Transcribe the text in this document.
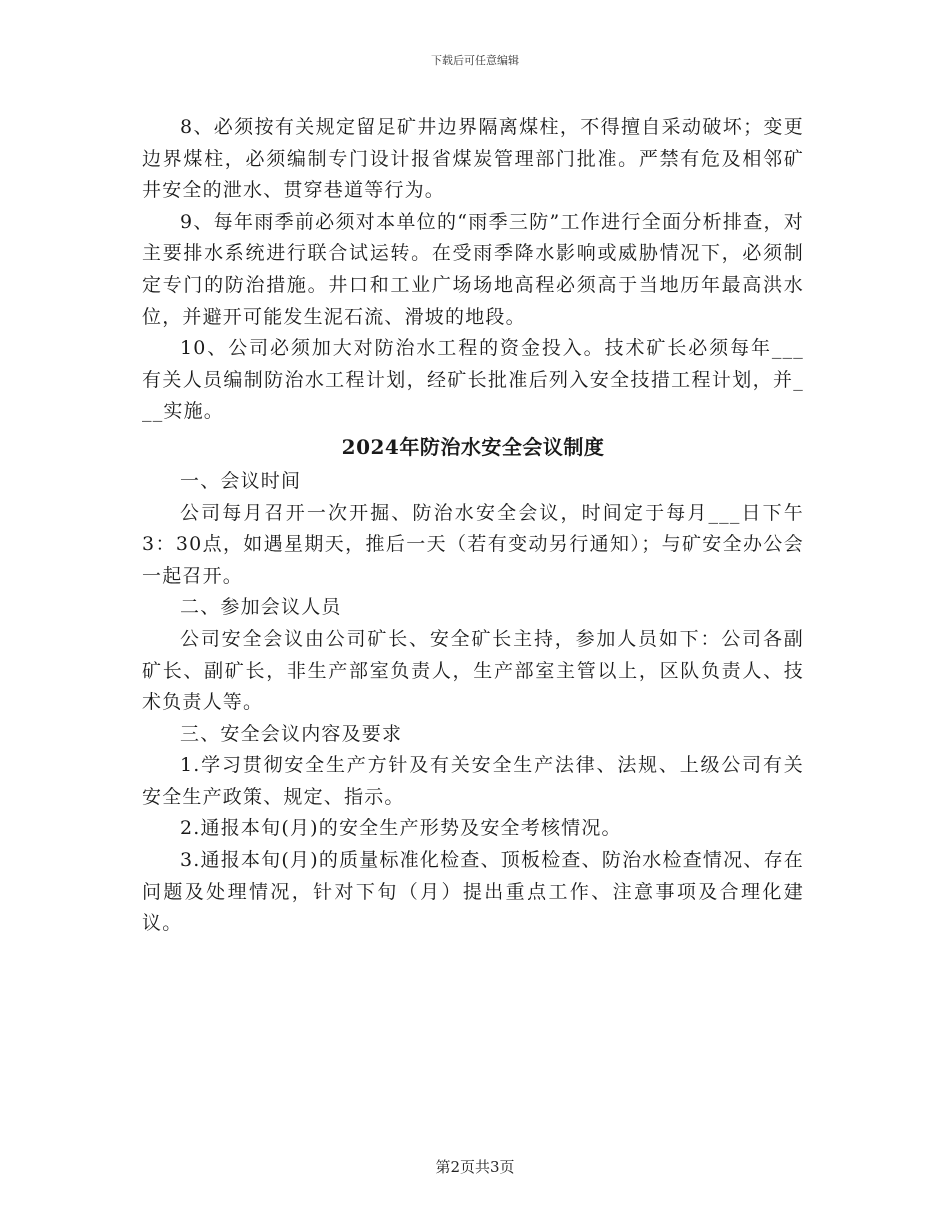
下载后可任意编辑

8、必须按有关规定留足矿井边界隔离煤柱，不得擅自采动破坏；变更边界煤柱，必须编制专门设计报省煤炭管理部门批准。严禁有危及相邻矿井安全的泄水、贯穿巷道等行为。

9、每年雨季前必须对本单位的“雨季三防”工作进行全面分析排查，对主要排水系统进行联合试运转。在受雨季降水影响或威胁情况下，必须制定专门的防治措施。井口和工业广场场地高程必须高于当地历年最高洪水位，并避开可能发生泥石流、滑坡的地段。

10、公司必须加大对防治水工程的资金投入。技术矿长必须每年___有关人员编制防治水工程计划，经矿长批准后列入安全技措工程计划，并___实施。

2024年防治水安全会议制度

一、会议时间

公司每月召开一次开掘、防治水安全会议，时间定于每月___日下午3：30点，如遇星期天，推后一天（若有变动另行通知）；与矿安全办公会一起召开。

二、参加会议人员

公司安全会议由公司矿长、安全矿长主持，参加人员如下：公司各副矿长、副矿长，非生产部室负责人，生产部室主管以上，区队负责人、技术负责人等。

三、安全会议内容及要求

1.学习贯彻安全生产方针及有关安全生产法律、法规、上级公司有关安全生产政策、规定、指示。

2.通报本旬(月)的安全生产形势及安全考核情况。

3.通报本旬(月)的质量标准化检查、顶板检查、防治水检查情况、存在问题及处理情况，针对下旬（月）提出重点工作、注意事项及合理化建议。

第2页共3页
